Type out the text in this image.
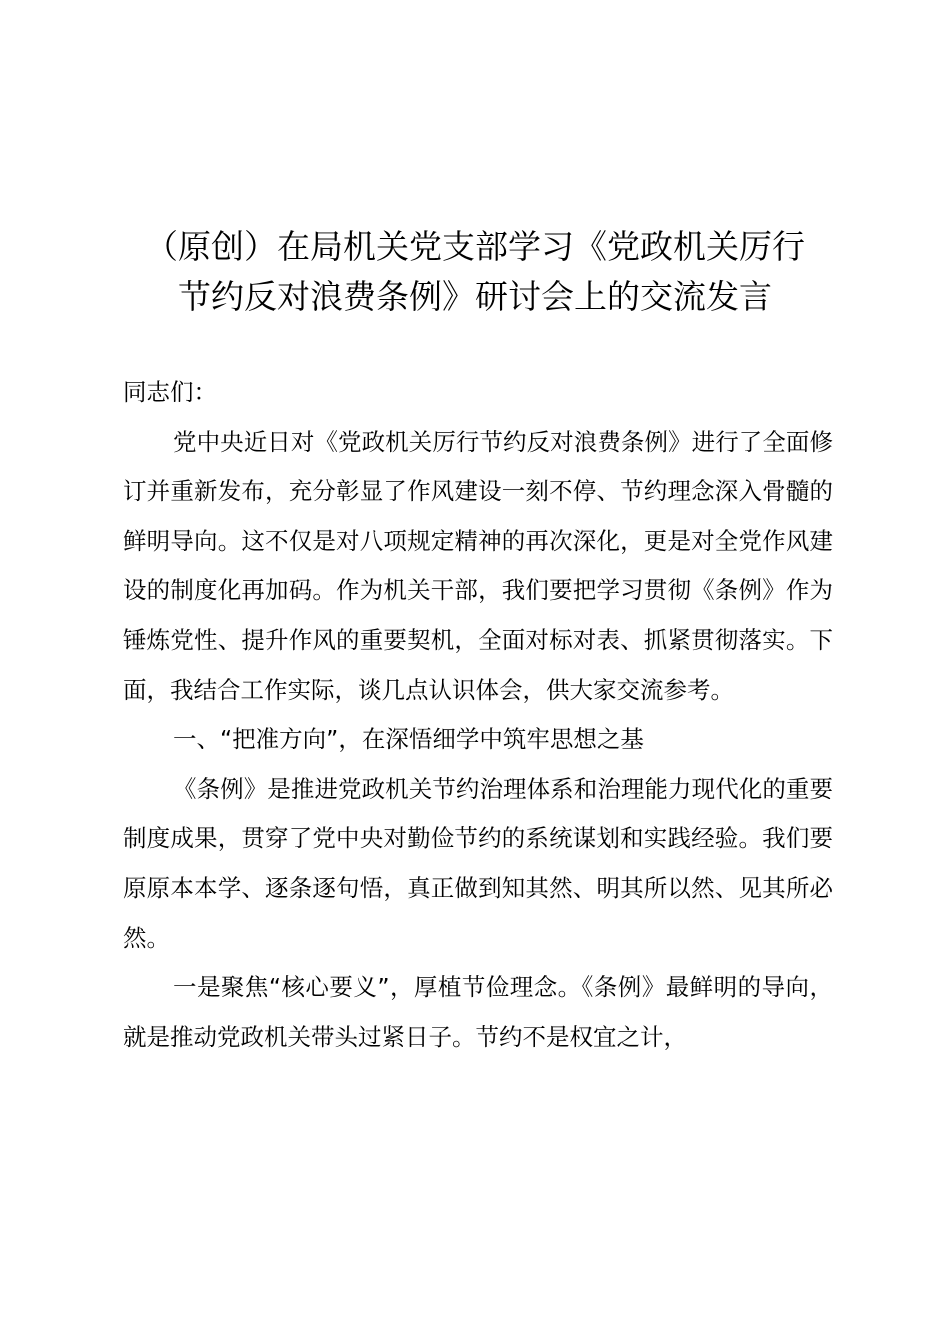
（原创）在局机关党支部学习《党政机关厉行
节约反对浪费条例》研讨会上的交流发言

同志们：

党中央近日对《党政机关厉行节约反对浪费条例》进行了全面修订并重新发布，充分彰显了作风建设一刻不停、节约理念深入骨髓的鲜明导向。这不仅是对八项规定精神的再次深化，更是对全党作风建设的制度化再加码。作为机关干部，我们要把学习贯彻《条例》作为锤炼党性、提升作风的重要契机，全面对标对表、抓紧贯彻落实。下面，我结合工作实际，谈几点认识体会，供大家交流参考。

一、“把准方向”，在深悟细学中筑牢思想之基

《条例》是推进党政机关节约治理体系和治理能力现代化的重要制度成果，贯穿了党中央对勤俭节约的系统谋划和实践经验。我们要原原本本学、逐条逐句悟，真正做到知其然、明其所以然、见其所必然。

一是聚焦“核心要义”，厚植节俭理念。《条例》最鲜明的导向，就是推动党政机关带头过紧日子。节约不是权宜之计，
